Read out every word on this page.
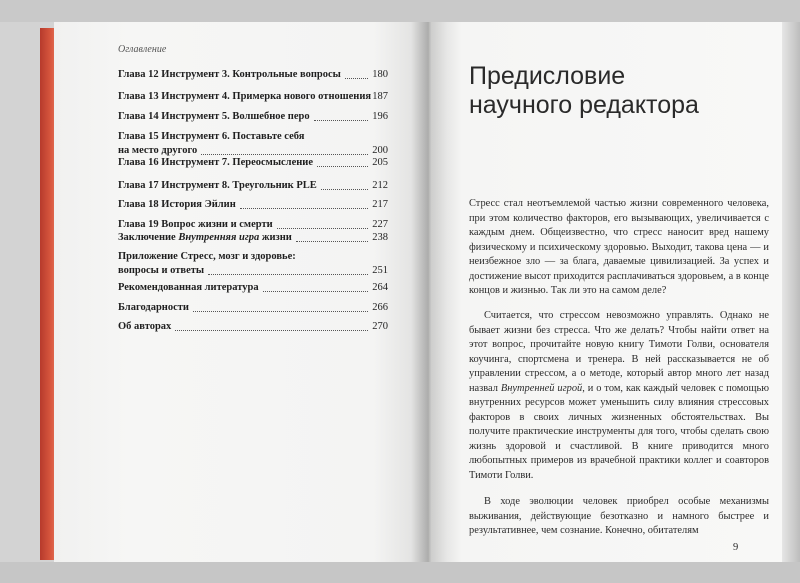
Оглавление
Глава 12 Инструмент 3. Контрольные вопросы	180
Глава 13 Инструмент 4. Примерка нового отношения 187
Глава 14 Инструмент 5. Волшебное перо	196
Глава 15 Инструмент 6. Поставьте себя
на место другого	200
Глава 16 Инструмент 7. Переосмысление	205
Глава 17 Инструмент 8. Треугольник PLE	212
Глава 18 История Эйлин	217
Глава 19 Вопрос жизни и смерти	227
Заключение Внутренняя игра жизни	238
Приложение Стресс, мозг и здоровье:
вопросы и ответы	251
Рекомендованная литература	264
Благодарности	266
Об авторах	270
Предисловие
научного редактора
Стресс стал неотъемлемой частью жизни современного человека, при этом количество факторов, его вызывающих, увеличивается с каждым днем. Общеизвестно, что стресс наносит вред нашему физическому и психическому здоровью. Выходит, такова цена — и неизбежное зло — за блага, даваемые цивилизацией. За успех и достижение высот приходится расплачиваться здоровьем, а в конце концов и жизнью. Так ли это на самом деле?
Считается, что стрессом невозможно управлять. Однако не бывает жизни без стресса. Что же делать? Чтобы найти ответ на этот вопрос, прочитайте новую книгу Тимоти Голви, основателя коучинга, спортсмена и тренера. В ней рассказывается не об управлении стрессом, а о методе, который автор много лет назад назвал Внутренней игрой, и о том, как каждый человек с помощью внутренних ресурсов может уменьшить силу влияния стрессовых факторов в своих личных жизненных обстоятельствах. Вы получите практические инструменты для того, чтобы сделать свою жизнь здоровой и счастливой. В книге приводится много любопытных примеров из врачебной практики коллег и соавторов Тимоти Голви.
В ходе эволюции человек приобрел особые механизмы выживания, действующие безотказно и намного быстрее и результативнее, чем сознание. Конечно, обитателям
9
